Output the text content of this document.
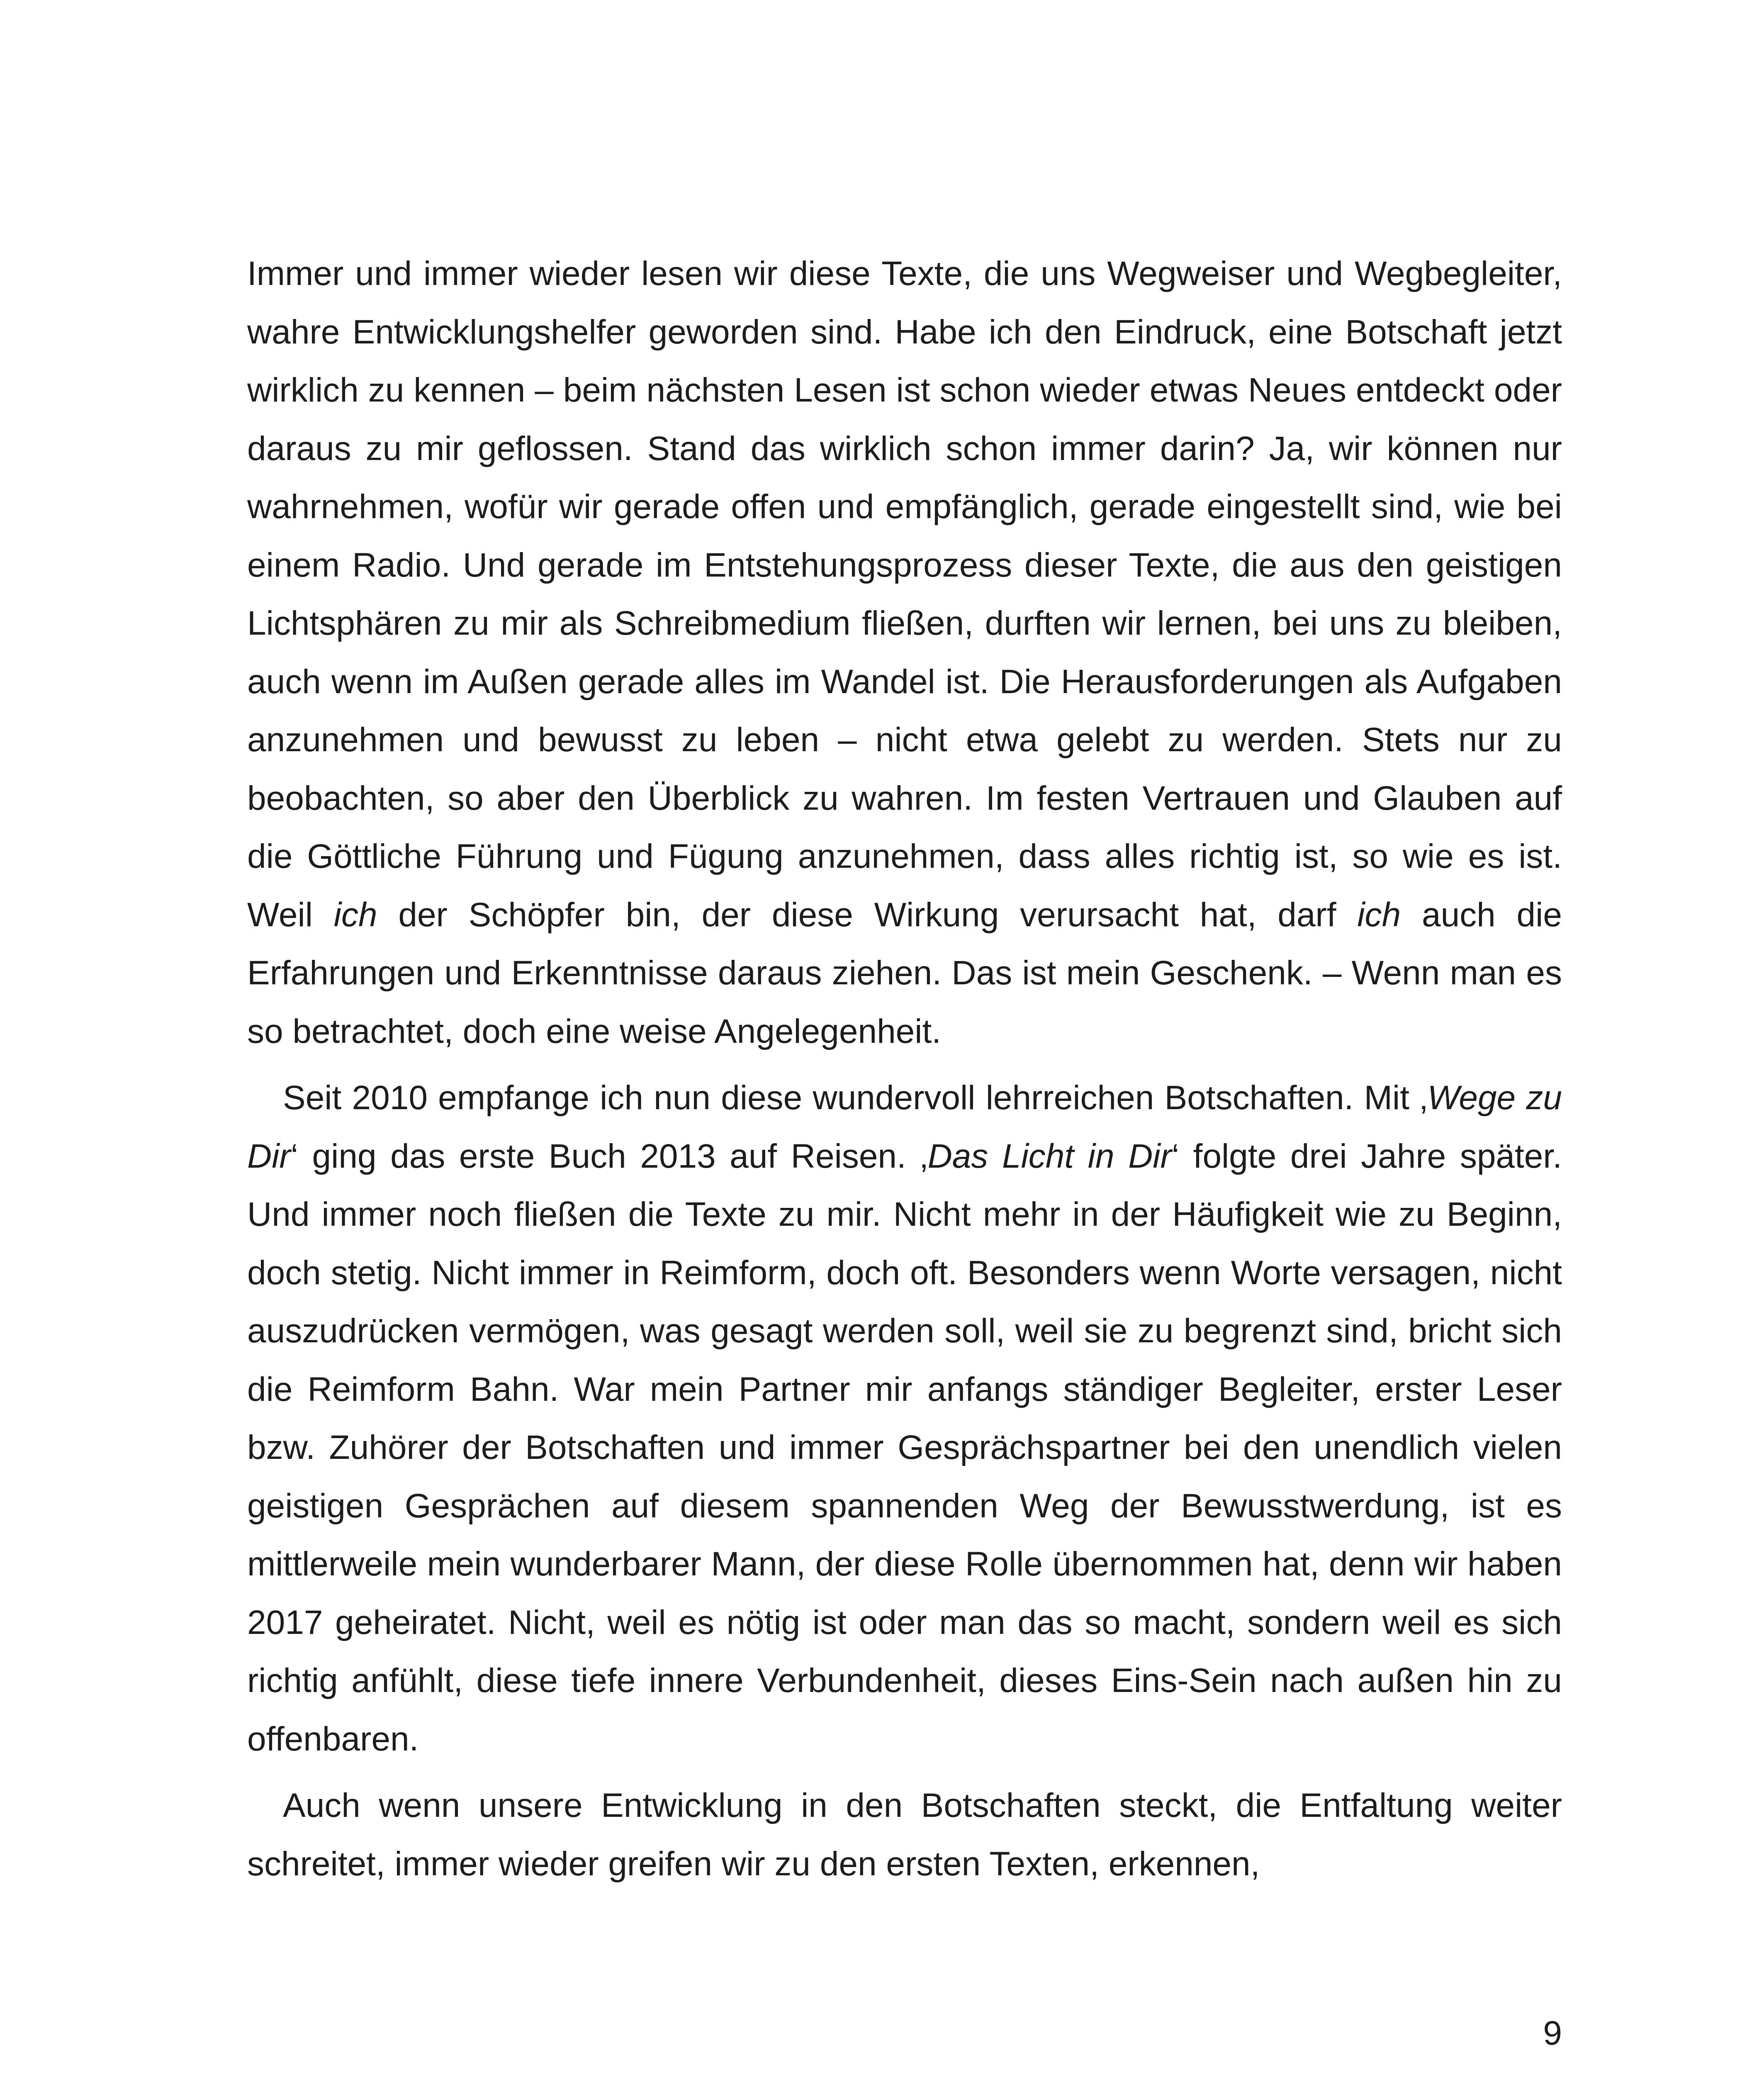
Immer und immer wieder lesen wir diese Texte, die uns Wegweiser und Wegbegleiter, wahre Entwicklungshelfer geworden sind. Habe ich den Eindruck, eine Botschaft jetzt wirklich zu kennen – beim nächsten Lesen ist schon wieder etwas Neues entdeckt oder daraus zu mir geflossen. Stand das wirklich schon immer darin? Ja, wir können nur wahrnehmen, wofür wir gerade offen und empfänglich, gerade eingestellt sind, wie bei einem Radio. Und gerade im Entstehungsprozess dieser Texte, die aus den geistigen Lichtsphären zu mir als Schreibmedium fließen, durften wir lernen, bei uns zu bleiben, auch wenn im Außen gerade alles im Wandel ist. Die Herausforderungen als Aufgaben anzunehmen und bewusst zu leben – nicht etwa gelebt zu werden. Stets nur zu beobachten, so aber den Überblick zu wahren. Im festen Vertrauen und Glauben auf die Göttliche Führung und Fügung anzunehmen, dass alles richtig ist, so wie es ist. Weil ich der Schöpfer bin, der diese Wirkung verursacht hat, darf ich auch die Erfahrungen und Erkenntnisse daraus ziehen. Das ist mein Geschenk. – Wenn man es so betrachtet, doch eine weise Angelegenheit.

Seit 2010 empfange ich nun diese wundervoll lehrreichen Botschaften. Mit ‚Wege zu Dir‘ ging das erste Buch 2013 auf Reisen. ‚Das Licht in Dir‘ folgte drei Jahre später. Und immer noch fließen die Texte zu mir. Nicht mehr in der Häufigkeit wie zu Beginn, doch stetig. Nicht immer in Reimform, doch oft. Besonders wenn Worte versagen, nicht auszudrücken vermögen, was gesagt werden soll, weil sie zu begrenzt sind, bricht sich die Reimform Bahn. War mein Partner mir anfangs ständiger Begleiter, erster Leser bzw. Zuhörer der Botschaften und immer Gesprächspartner bei den unendlich vielen geistigen Gesprächen auf diesem spannenden Weg der Bewusstwerdung, ist es mittlerweile mein wunderbarer Mann, der diese Rolle übernommen hat, denn wir haben 2017 geheiratet. Nicht, weil es nötig ist oder man das so macht, sondern weil es sich richtig anfühlt, diese tiefe innere Verbundenheit, dieses Eins-Sein nach außen hin zu offenbaren.

Auch wenn unsere Entwicklung in den Botschaften steckt, die Entfaltung weiter schreitet, immer wieder greifen wir zu den ersten Texten, erkennen,

9
